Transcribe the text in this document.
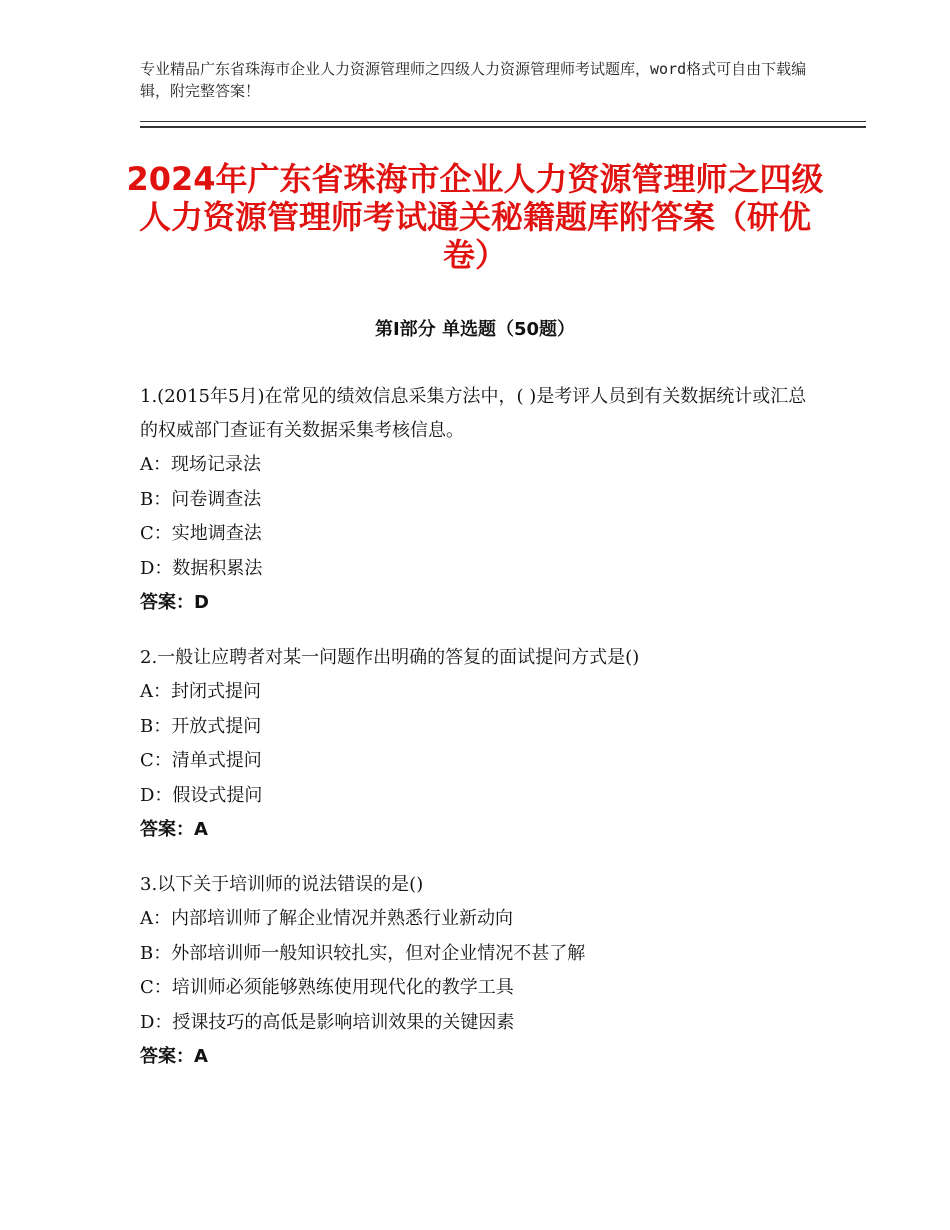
专业精品广东省珠海市企业人力资源管理师之四级人力资源管理师考试题库，word格式可自由下载编辑，附完整答案！
2024年广东省珠海市企业人力资源管理师之四级人力资源管理师考试通关秘籍题库附答案（研优卷）
第Ⅰ部分 单选题（50题）
1.(2015年5月)在常见的绩效信息采集方法中，( )是考评人员到有关数据统计或汇总的权威部门查证有关数据采集考核信息。
A：现场记录法
B：问卷调查法
C：实地调查法
D：数据积累法
答案：D
2.一般让应聘者对某一问题作出明确的答复的面试提问方式是()
A：封闭式提问
B：开放式提问
C：清单式提问
D：假设式提问
答案：A
3.以下关于培训师的说法错误的是()
A：内部培训师了解企业情况并熟悉行业新动向
B：外部培训师一般知识较扎实，但对企业情况不甚了解
C：培训师必须能够熟练使用现代化的教学工具
D：授课技巧的高低是影响培训效果的关键因素
答案：A
